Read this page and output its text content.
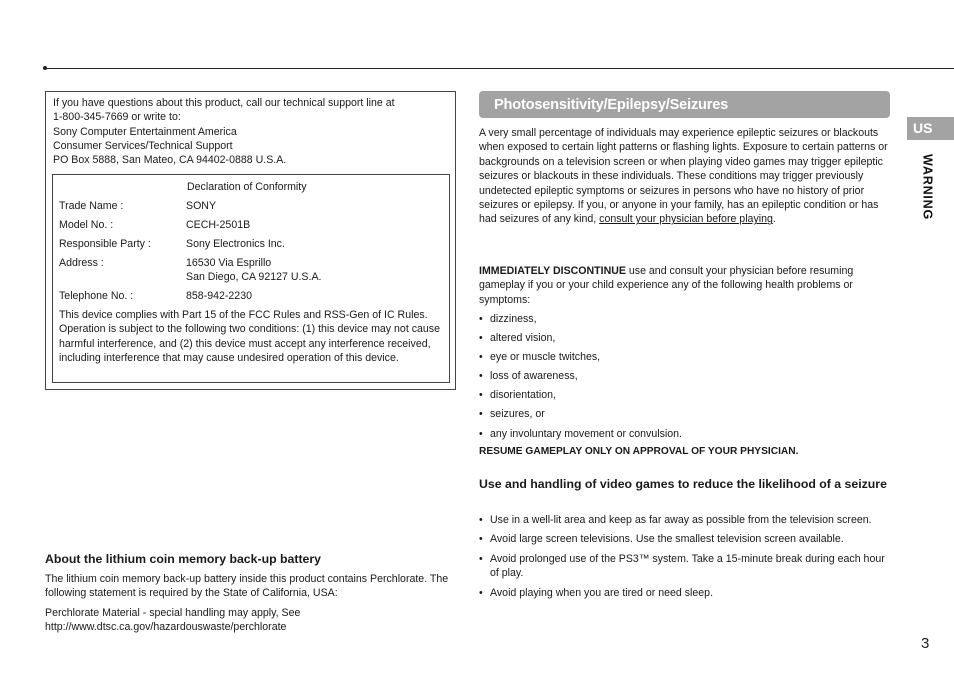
If you have questions about this product, call our technical support line at
1-800-345-7669 or write to:
Sony Computer Entertainment America
Consumer Services/Technical Support
PO Box 5888, San Mateo, CA 94402-0888 U.S.A.
Declaration of Conformity
Trade Name :	SONY
Model No. :	CECH-2501B
Responsible Party :	Sony Electronics Inc.
Address :	16530 Via Esprillo
San Diego, CA 92127 U.S.A.
Telephone No. :	858-942-2230
This device complies with Part 15 of the FCC Rules and RSS-Gen of IC Rules. Operation is subject to the following two conditions: (1) this device may not cause harmful interference, and (2) this device must accept any interference received, including interference that may cause undesired operation of this device.
About the lithium coin memory back-up battery
The lithium coin memory back-up battery inside this product contains Perchlorate. The following statement is required by the State of California, USA:
Perchlorate Material - special handling may apply, See
http://www.dtsc.ca.gov/hazardouswaste/perchlorate
Photosensitivity/Epilepsy/Seizures
A very small percentage of individuals may experience epileptic seizures or blackouts when exposed to certain light patterns or flashing lights. Exposure to certain patterns or backgrounds on a television screen or when playing video games may trigger epileptic seizures or blackouts in these individuals. These conditions may trigger previously undetected epileptic symptoms or seizures in persons who have no history of prior seizures or epilepsy. If you, or anyone in your family, has an epileptic condition or has had seizures of any kind, consult your physician before playing.
IMMEDIATELY DISCONTINUE use and consult your physician before resuming gameplay if you or your child experience any of the following health problems or symptoms:
• dizziness,
• altered vision,
• eye or muscle twitches,
• loss of awareness,
• disorientation,
• seizures, or
• any involuntary movement or convulsion.
RESUME GAMEPLAY ONLY ON APPROVAL OF YOUR PHYSICIAN.
Use and handling of video games to reduce the likelihood of a seizure
• Use in a well-lit area and keep as far away as possible from the television screen.
• Avoid large screen televisions. Use the smallest television screen available.
• Avoid prolonged use of the PS3™ system. Take a 15-minute break during each hour of play.
• Avoid playing when you are tired or need sleep.
US
WARNING
3
